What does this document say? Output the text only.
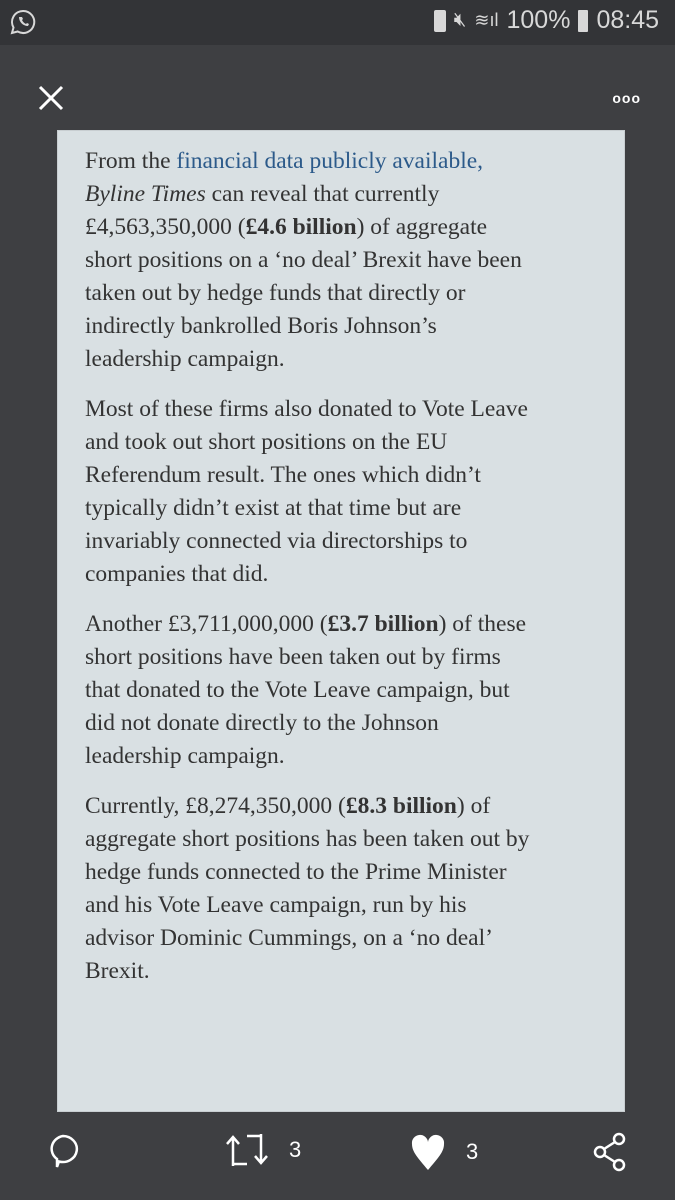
🔇︎ ≋ıl 100% 08:45
ooo
From the financial data publicly available,
Byline Times can reveal that currently
£4,563,350,000 (£4.6 billion) of aggregate
short positions on a ‘no deal’ Brexit have been
taken out by hedge funds that directly or
indirectly bankrolled Boris Johnson’s
leadership campaign.
Most of these firms also donated to Vote Leave
and took out short positions on the EU
Referendum result. The ones which didn’t
typically didn’t exist at that time but are
invariably connected via directorships to
companies that did.
Another £3,711,000,000 (£3.7 billion) of these
short positions have been taken out by firms
that donated to the Vote Leave campaign, but
did not donate directly to the Johnson
leadership campaign.
Currently, £8,274,350,000 (£8.3 billion) of
aggregate short positions has been taken out by
hedge funds connected to the Prime Minister
and his Vote Leave campaign, run by his
advisor Dominic Cummings, on a ‘no deal’
Brexit.
3	3
